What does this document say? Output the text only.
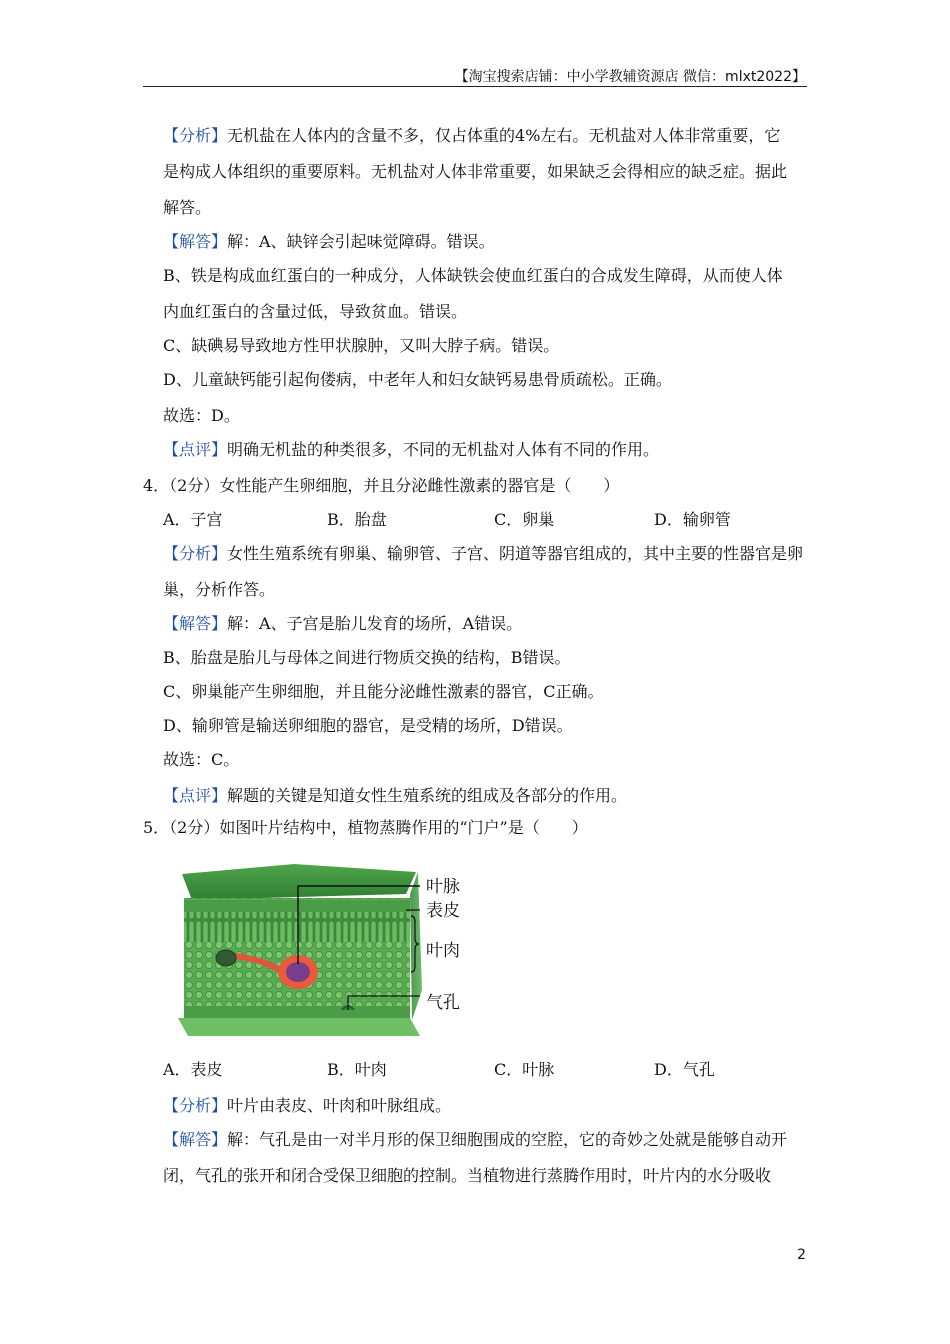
【淘宝搜索店铺：中小学教辅资源店 微信：mlxt2022】
【分析】无机盐在人体内的含量不多，仅占体重的4%左右。无机盐对人体非常重要，它
是构成人体组织的重要原料。无机盐对人体非常重要，如果缺乏会得相应的缺乏症。据此
解答。
【解答】解：A、缺锌会引起味觉障碍。错误。
B、铁是构成血红蛋白的一种成分，人体缺铁会使血红蛋白的合成发生障碍，从而使人体
内血红蛋白的含量过低，导致贫血。错误。
C、缺碘易导致地方性甲状腺肿，又叫大脖子病。错误。
D、儿童缺钙能引起佝偻病，中老年人和妇女缺钙易患骨质疏松。正确。
故选：D。
【点评】明确无机盐的种类很多，不同的无机盐对人体有不同的作用。
4．（2分）女性能产生卵细胞，并且分泌雌性激素的器官是（　　）
A．子宫	B．胎盘	C．卵巢	D．输卵管
【分析】女性生殖系统有卵巢、输卵管、子宫、阴道等器官组成的，其中主要的性器官是卵
巢，分析作答。
【解答】解：A、子宫是胎儿发育的场所，A错误。
B、胎盘是胎儿与母体之间进行物质交换的结构，B错误。
C、卵巢能产生卵细胞，并且能分泌雌性激素的器官，C正确。
D、输卵管是输送卵细胞的器官，是受精的场所，D错误。
故选：C。
【点评】解题的关键是知道女性生殖系统的组成及各部分的作用。
5．（2分）如图叶片结构中，植物蒸腾作用的“门户”是（　　）
A．表皮	B．叶肉	C．叶脉	D．气孔
【分析】叶片由表皮、叶肉和叶脉组成。
【解答】解：气孔是由一对半月形的保卫细胞围成的空腔，它的奇妙之处就是能够自动开
闭，气孔的张开和闭合受保卫细胞的控制。当植物进行蒸腾作用时，叶片内的水分吸收
叶脉
表皮
叶肉
气孔
2
